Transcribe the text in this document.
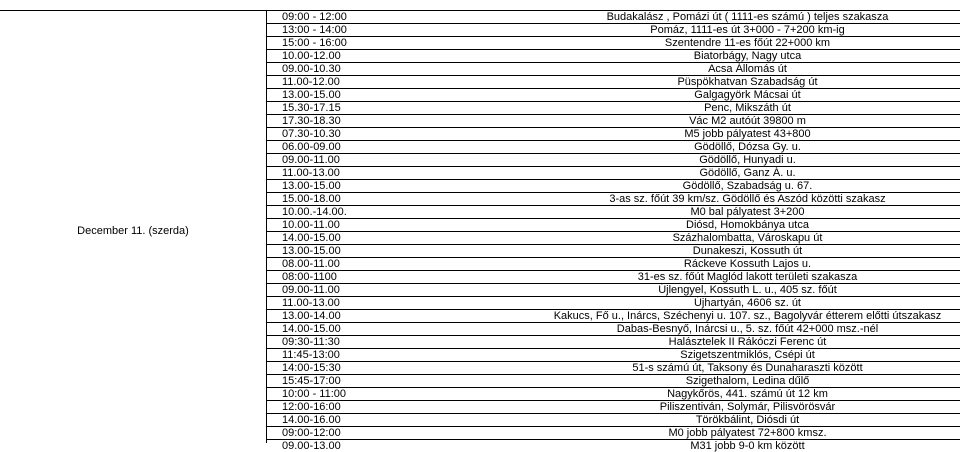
December 11. (szerda)
09:00 - 12:00	Budakalász , Pomázi út ( 1111-es számú ) teljes szakasza
13:00 - 14:00	Pomáz, 1111-es út 3+000 - 7+200 km-ig
15:00 - 16:00	Szentendre 11-es főút 22+000 km
10.00-12.00	Biatorbágy, Nagy utca
09.00-10.30	Acsa Állomás út
11.00-12.00	Püspökhatvan Szabadság út
13.00-15.00	Galgagyörk Mácsai út
15.30-17.15	Penc, Mikszáth út
17.30-18.30	Vác M2 autóút 39800 m
07.30-10.30	M5 jobb pályatest 43+800
06.00-09.00	Gödöllő, Dózsa Gy. u.
09.00-11.00	Gödöllő, Hunyadi u.
11.00-13.00	Gödöllő, Ganz Á. u.
13.00-15.00	Gödöllő, Szabadság u. 67.
15.00-18.00	3-as sz. főút 39 km/sz. Gödöllő és Aszód közötti szakasz
10.00.-14.00.	M0 bal pályatest 3+200
10.00-11.00	Diósd, Homokbánya utca
14.00-15.00	Százhalombatta, Városkapu út
13.00-15.00	Dunakeszi, Kossuth út
08.00-11.00	Ráckeve Kossuth Lajos u.
08:00-1100	31-es sz. főút Maglód lakott területi szakasza
09.00-11.00	Újlengyel, Kossuth L. u., 405 sz. főút
11.00-13.00	Újhartyán, 4606 sz. út
13.00-14.00	Kakucs, Fő u., Inárcs, Széchenyi u. 107. sz., Bagolyvár étterem előtti útszakasz
14.00-15.00	Dabas-Besnyő, Inárcsi u., 5. sz. főút 42+000 msz.-nél
09:30-11:30	Halásztelek II Rákóczi Ferenc út
11:45-13:00	Szigetszentmiklós, Csépi út
14:00-15:30	51-s számú út, Taksony és Dunaharaszti között
15:45-17:00	Szigethalom, Ledina dűlő
10:00 - 11:00	Nagykőrös, 441. számú út 12 km
12:00-16:00	Piliszentiván, Solymár, Pilisvörösvár
14.00-16.00	Törökbálint, Diósdi út
09:00-12:00	M0 jobb pályatest 72+800 kmsz.
09.00-13.00	M31 jobb 9-0 km között
